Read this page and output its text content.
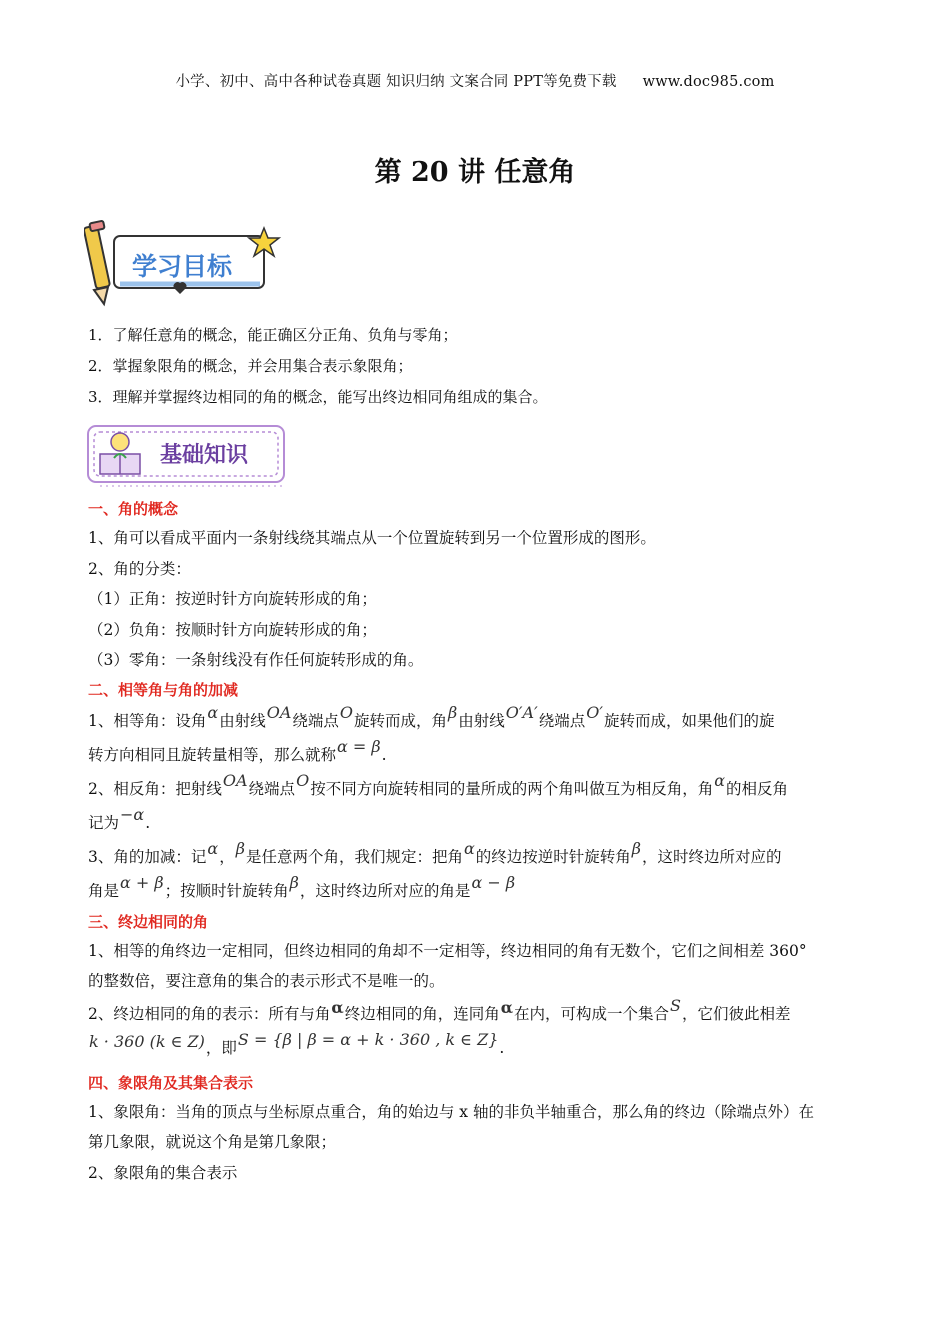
小学、初中、高中各种试卷真题 知识归纳 文案合同 PPT等免费下载 www.doc985.com
第 20 讲 任意角
学习目标
1．了解任意角的概念，能正确区分正角、负角与零角；
2．掌握象限角的概念，并会用集合表示象限角；
3．理解并掌握终边相同的角的概念，能写出终边相同角组成的集合。
基础知识
一、角的概念
1、角可以看成平面内一条射线绕其端点从一个位置旋转到另一个位置形成的图形。
2、角的分类：
（1）正角：按逆时针方向旋转形成的角；
（2）负角：按顺时针方向旋转形成的角；
（3）零角：一条射线没有作任何旋转形成的角。
二、相等角与角的加减
1、相等角：设角α由射线OA绕端点O旋转而成，角β由射线O′A′绕端点O′旋转而成，如果他们的旋
转方向相同且旋转量相等，那么就称α = β.
2、相反角：把射线OA绕端点O按不同方向旋转相同的量所成的两个角叫做互为相反角，角α的相反角
记为−α.
3、角的加减：记α，β是任意两个角，我们规定：把角α的终边按逆时针旋转角β，这时终边所对应的
角是α + β；按顺时针旋转角β，这时终边所对应的角是α − β
三、终边相同的角
1、相等的角终边一定相同，但终边相同的角却不一定相等，终边相同的角有无数个，它们之间相差 360°
的整数倍，要注意角的集合的表示形式不是唯一的。
2、终边相同的角的表示：所有与角α终边相同的角，连同角α在内，可构成一个集合S，它们彼此相差
k · 360 (k ∈ Z)，即S = {β | β = α + k · 360 , k ∈ Z}.
四、象限角及其集合表示
1、象限角：当角的顶点与坐标原点重合，角的始边与 x 轴的非负半轴重合，那么角的终边（除端点外）在
第几象限，就说这个角是第几象限；
2、象限角的集合表示
